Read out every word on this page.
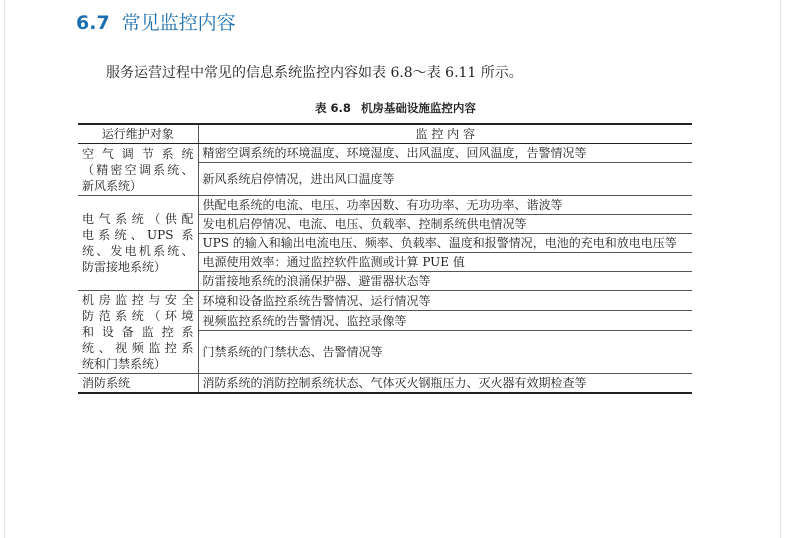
6.7 常见监控内容
服务运营过程中常见的信息系统监控内容如表 6.8～表 6.11 所示。
表 6.8 机房基础设施监控内容
运行维护对象	监 控 内 容

空 气 调 节 系 统
（精密空调系统、
新风系统）	精密空调系统的环境温度、环境湿度、出风温度、回风温度，告警情况等
	新风系统启停情况，进出风口温度等

电气系统（供配
电系统、UPS 系
统、发电机系统、
防雷接地系统）	供配电系统的电流、电压、功率因数、有功功率、无功功率、谐波等
	发电机启停情况、电流、电压、负载率、控制系统供电情况等
	UPS 的输入和输出电流电压、频率、负载率、温度和报警情况，电池的充电和放电电压等
	电源使用效率：通过监控软件监测或计算 PUE 值
	防雷接地系统的浪涌保护器、避雷器状态等

机房监控与安全
防范系统（环境
和 设 备 监 控 系
统、视频监控系
统和门禁系统）	环境和设备监控系统告警情况、运行情况等
	视频监控系统的告警情况、监控录像等
	门禁系统的门禁状态、告警情况等

消防系统	消防系统的消防控制系统状态、气体灭火钢瓶压力、灭火器有效期检查等
